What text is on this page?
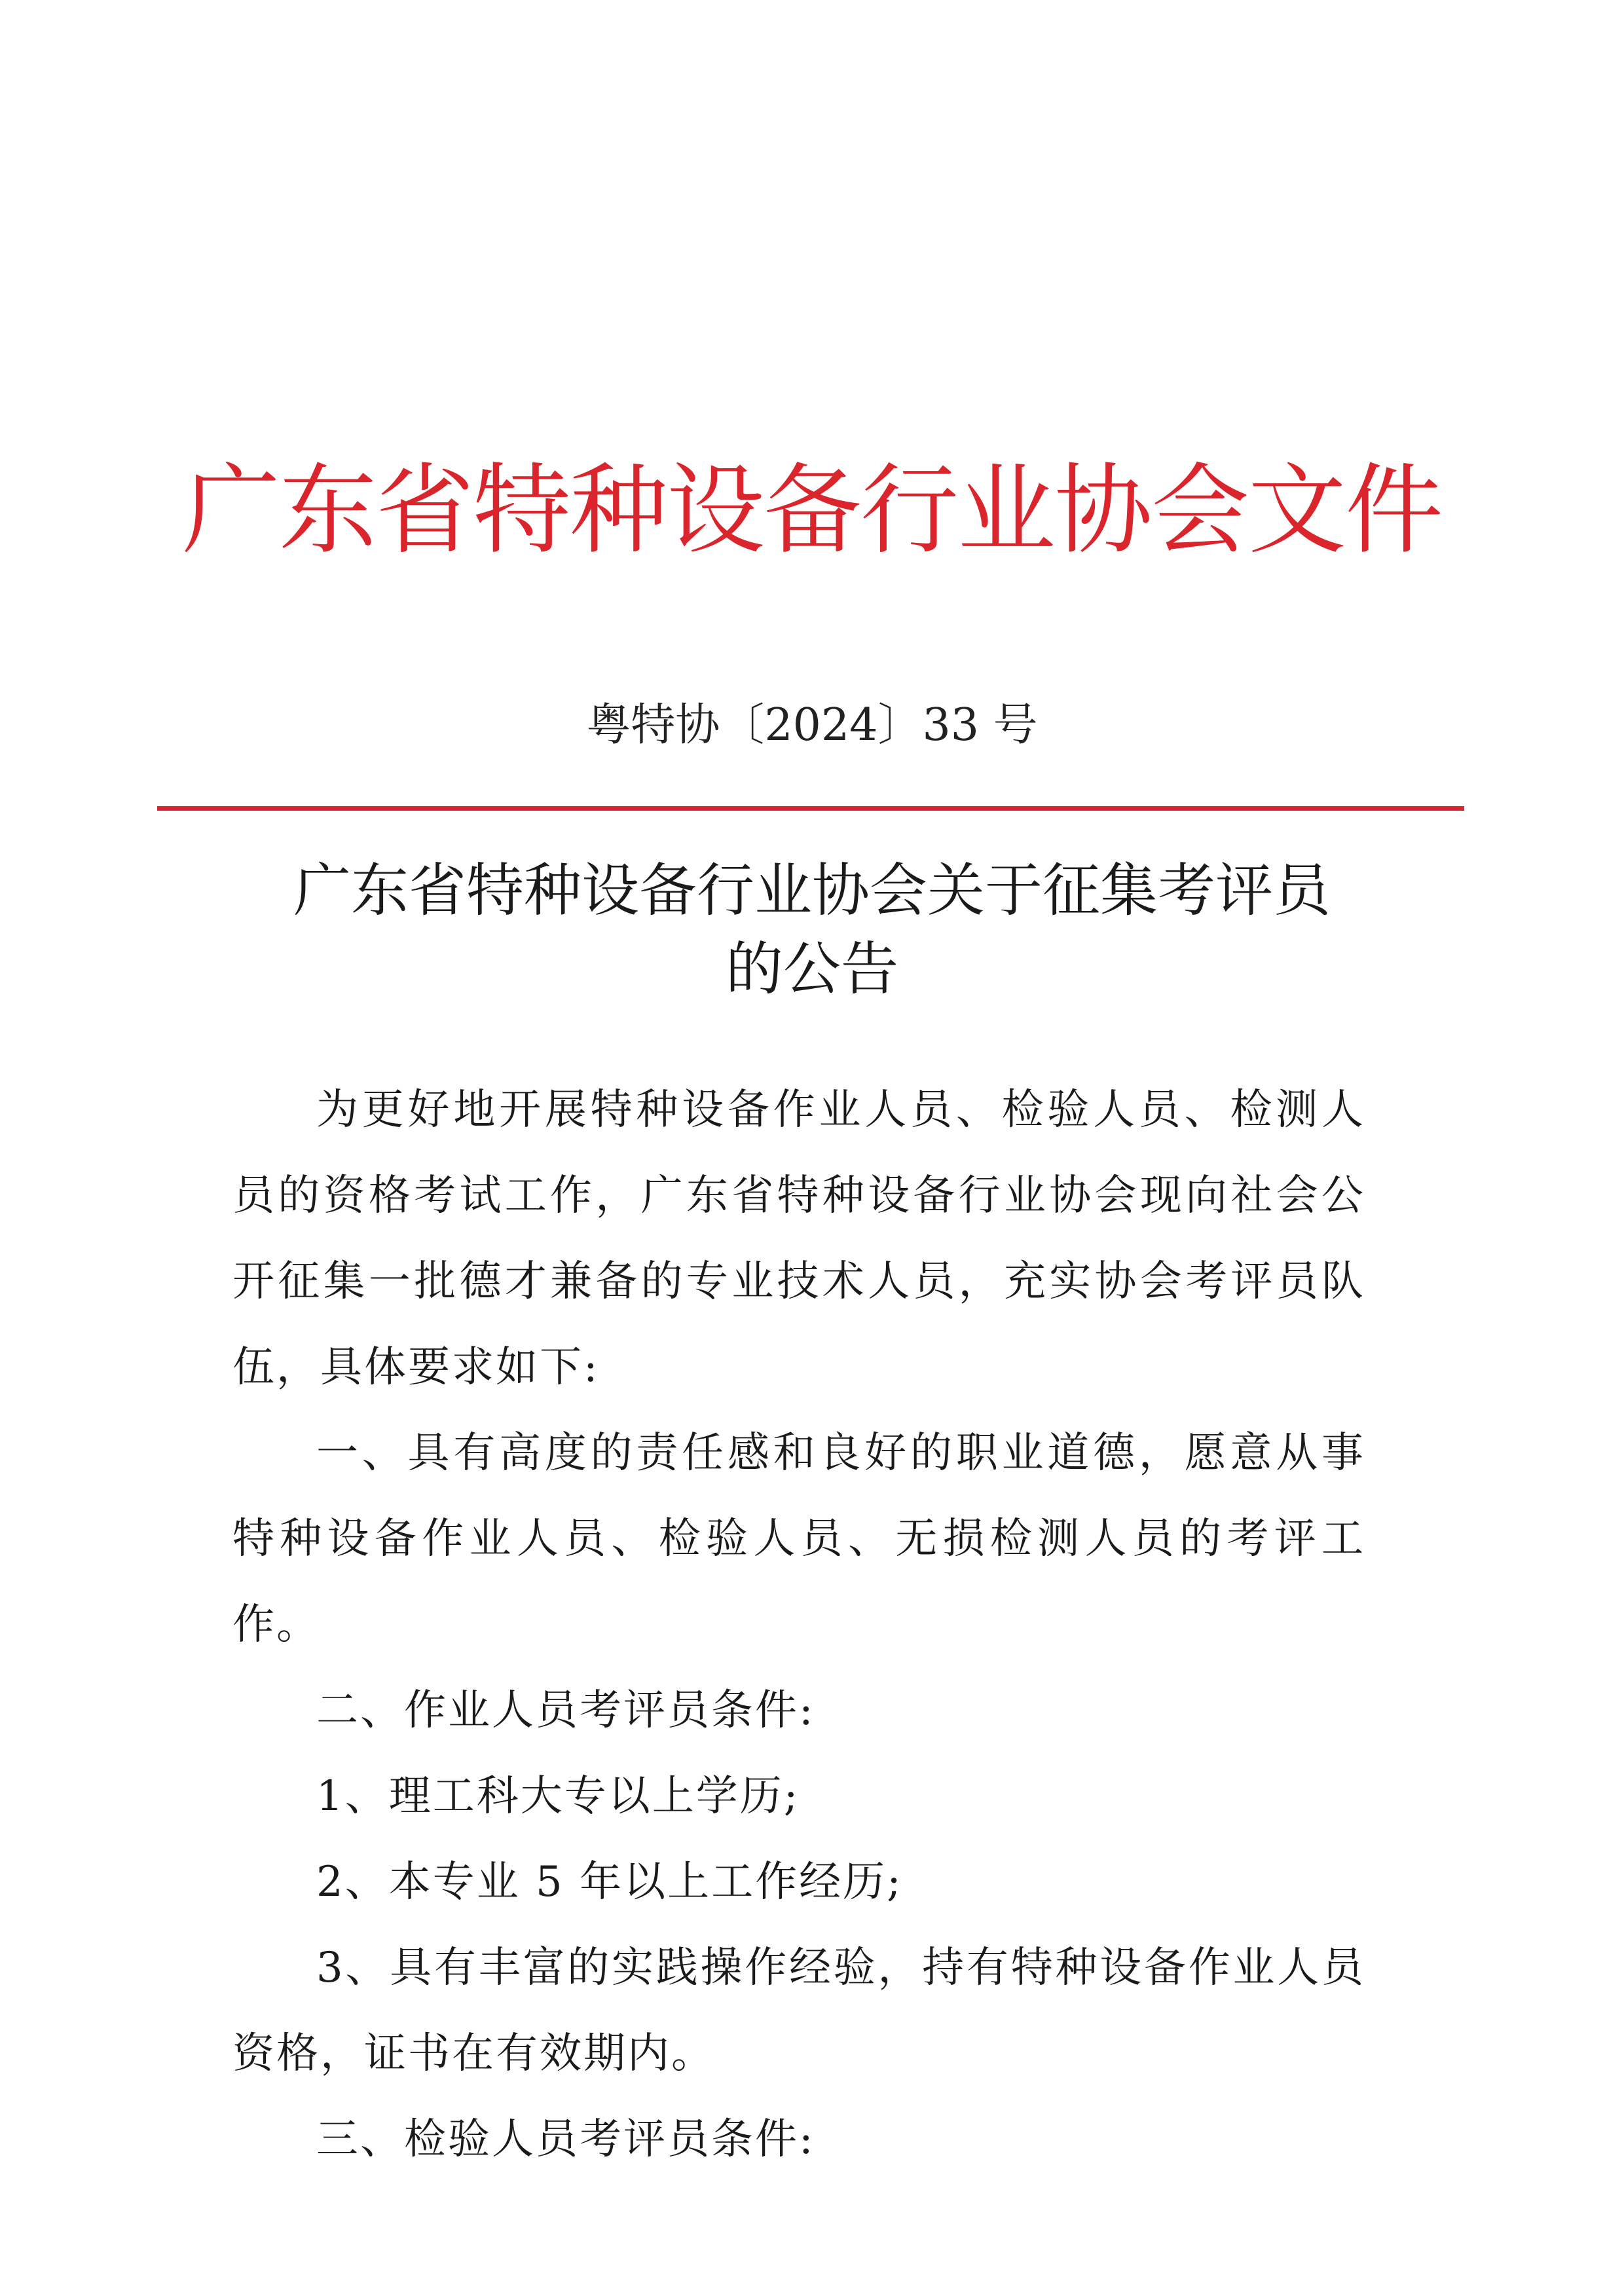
广东省特种设备行业协会文件
粤特协〔2024〕33 号
广东省特种设备行业协会关于征集考评员
的公告

为更好地开展特种设备作业人员、检验人员、检测人员的资格考试工作，广东省特种设备行业协会现向社会公开征集一批德才兼备的专业技术人员，充实协会考评员队伍，具体要求如下:

一、具有高度的责任感和良好的职业道德，愿意从事特种设备作业人员、检验人员、无损检测人员的考评工作。

二、作业人员考评员条件:

1、理工科大专以上学历;

2、本专业 5 年以上工作经历;

3、具有丰富的实践操作经验，持有特种设备作业人员资格，证书在有效期内。

三、检验人员考评员条件:
